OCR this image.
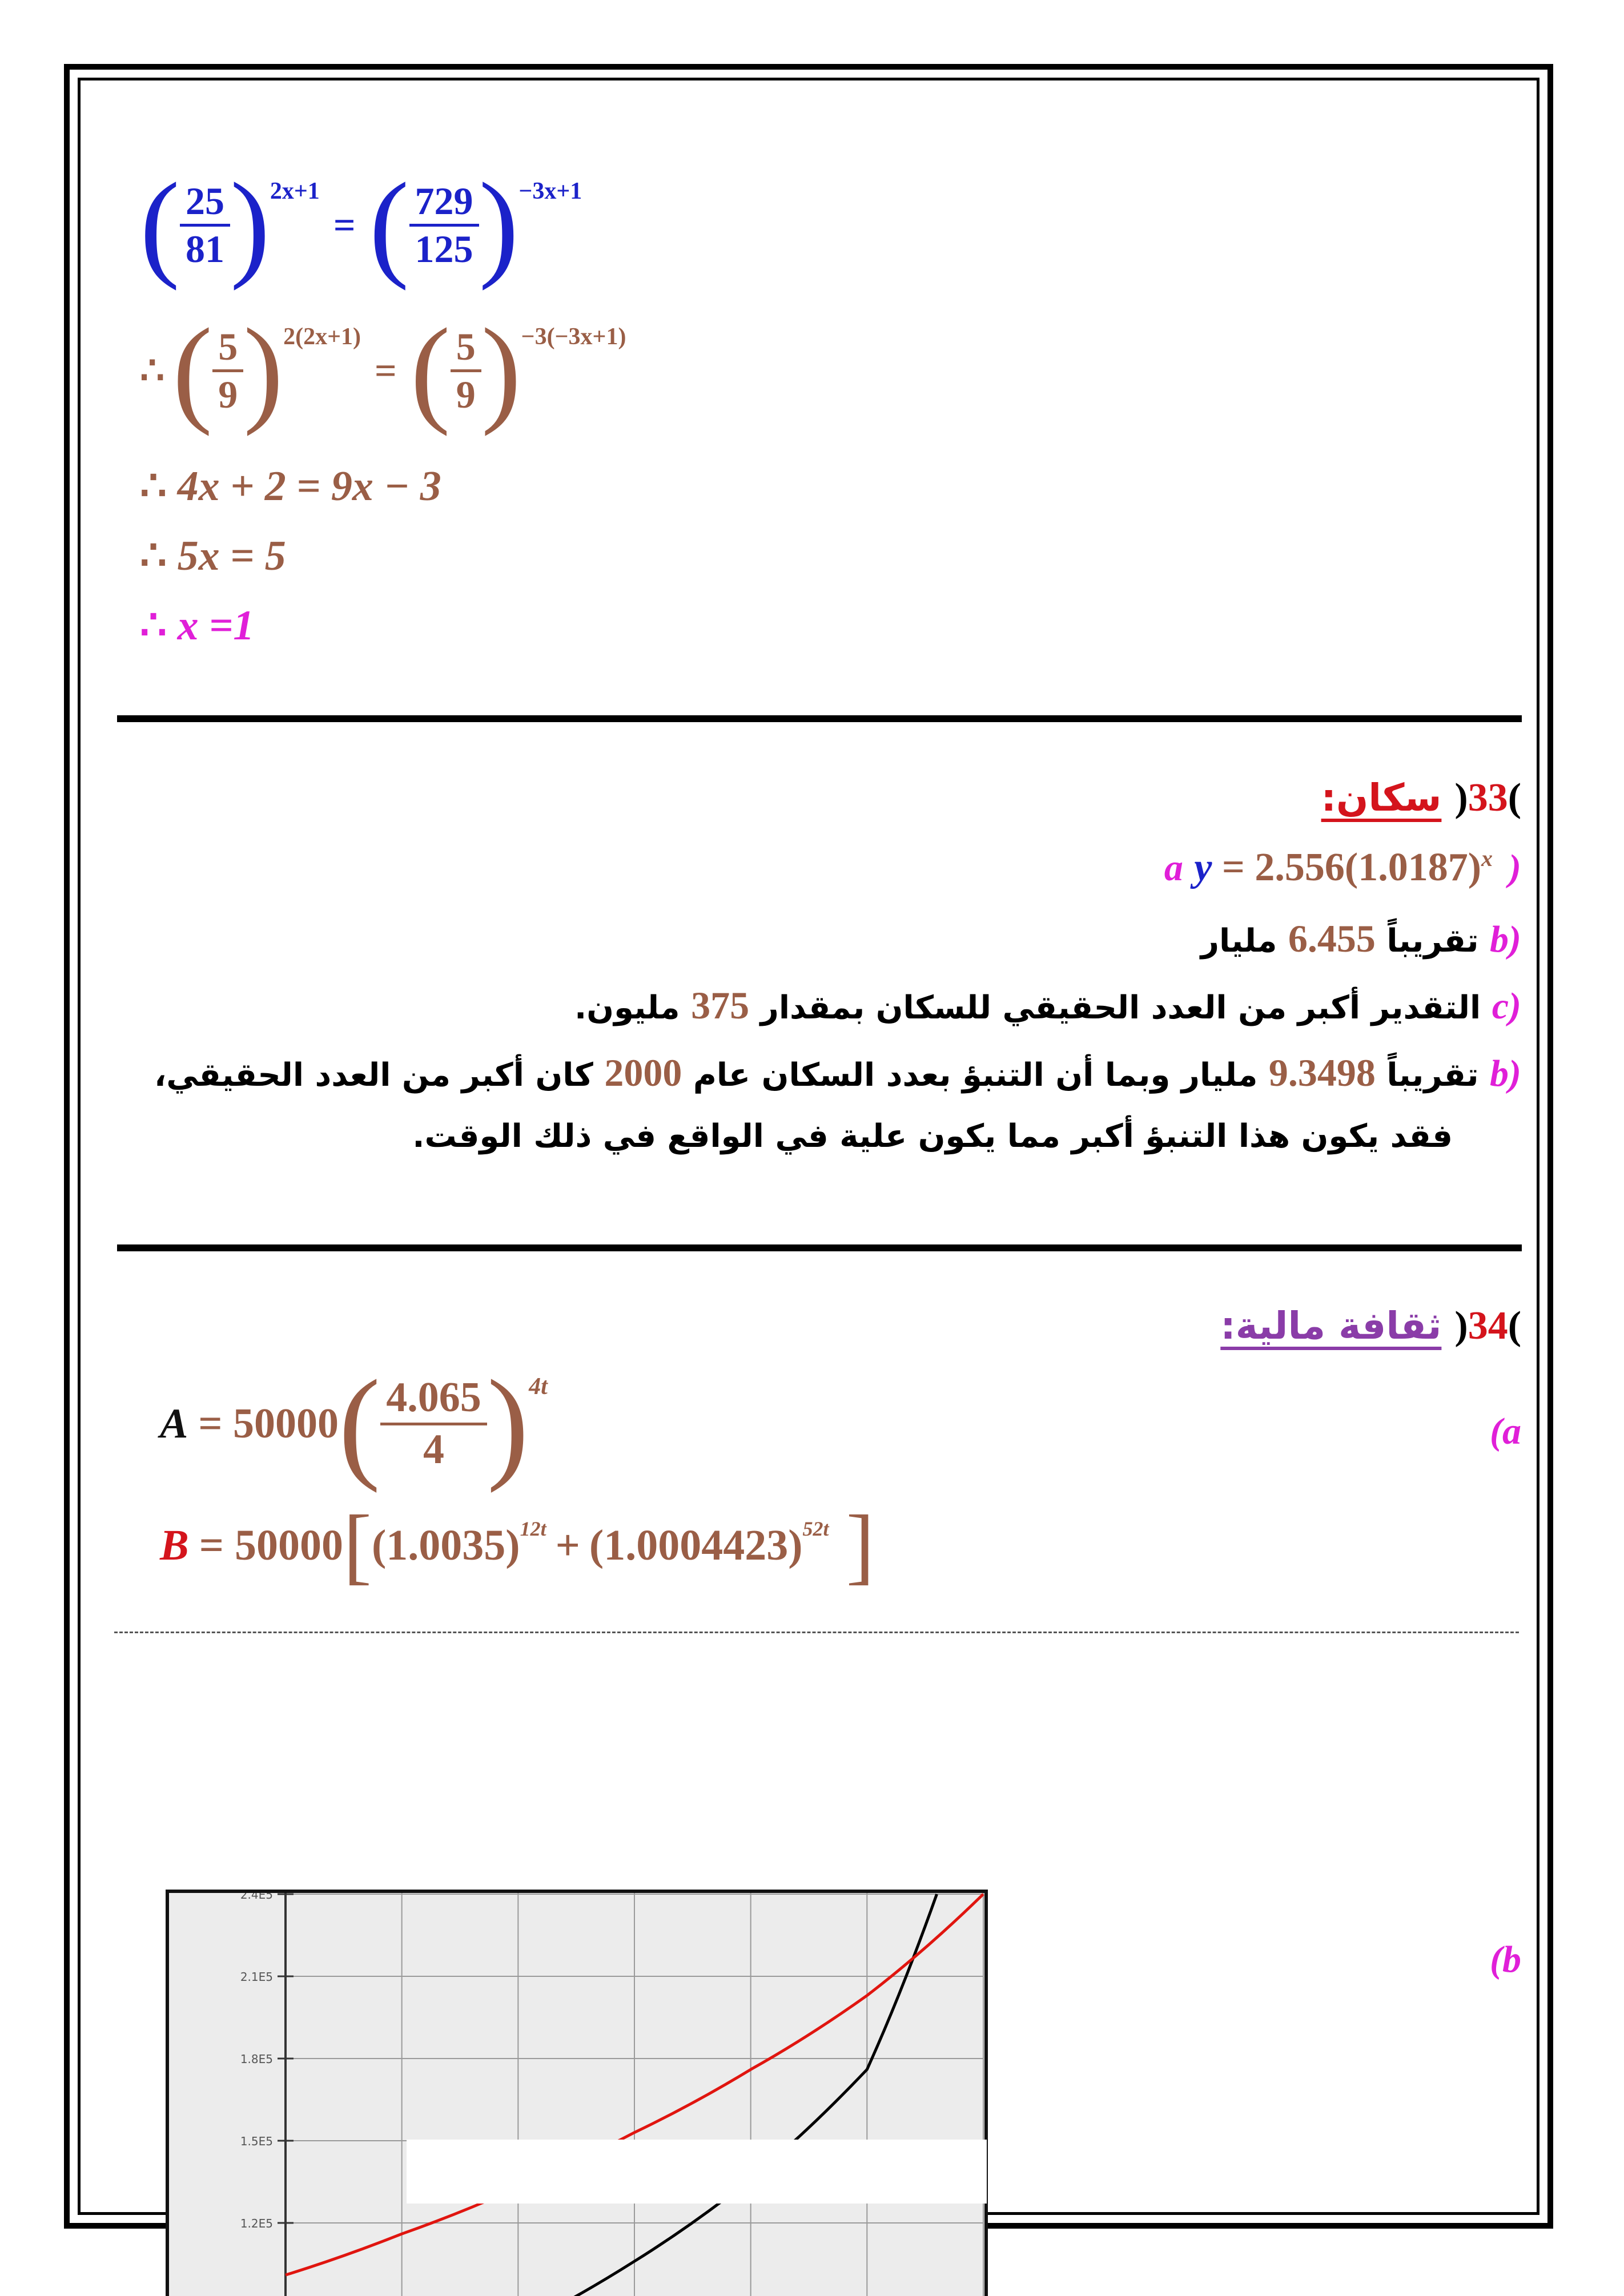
( $\frac{25}{81}$ ) 2x+1
= ( $\frac{729}{125}$ ) −3x+1
∴ ( $\frac{5}{9}$ ) 2(2x+1)
= ( $\frac{5}{9}$ ) −3(−3x+1)
∴ 4x + 2 = 9x − 3
∴ 5x = 5
∴ x =1
)33( سكان:
(a y = 2.556(1.0187)x
(b تقريباً 6.455 مليار
(c التقدير أكبر من العدد الحقيقي للسكان بمقدار 375 مليون.
(b تقريباً 9.3498 مليار وبما أن التنبؤ بعدد السكان عام 2000 كان أكبر من العدد الحقيقي،
فقد يكون هذا التنبؤ أكبر مما يكون علية في الواقع في ذلك الوقت.
)34( ثقافة مالية:
(a
A = 50000 ( $\frac{4.065}{4}$ ) 4t
B = 50000 [ (1.0035) 12t + (1.0004423) 52t ]
(b
2.4E5
2.1E5
1.8E5
1.5E5
1.2E5
